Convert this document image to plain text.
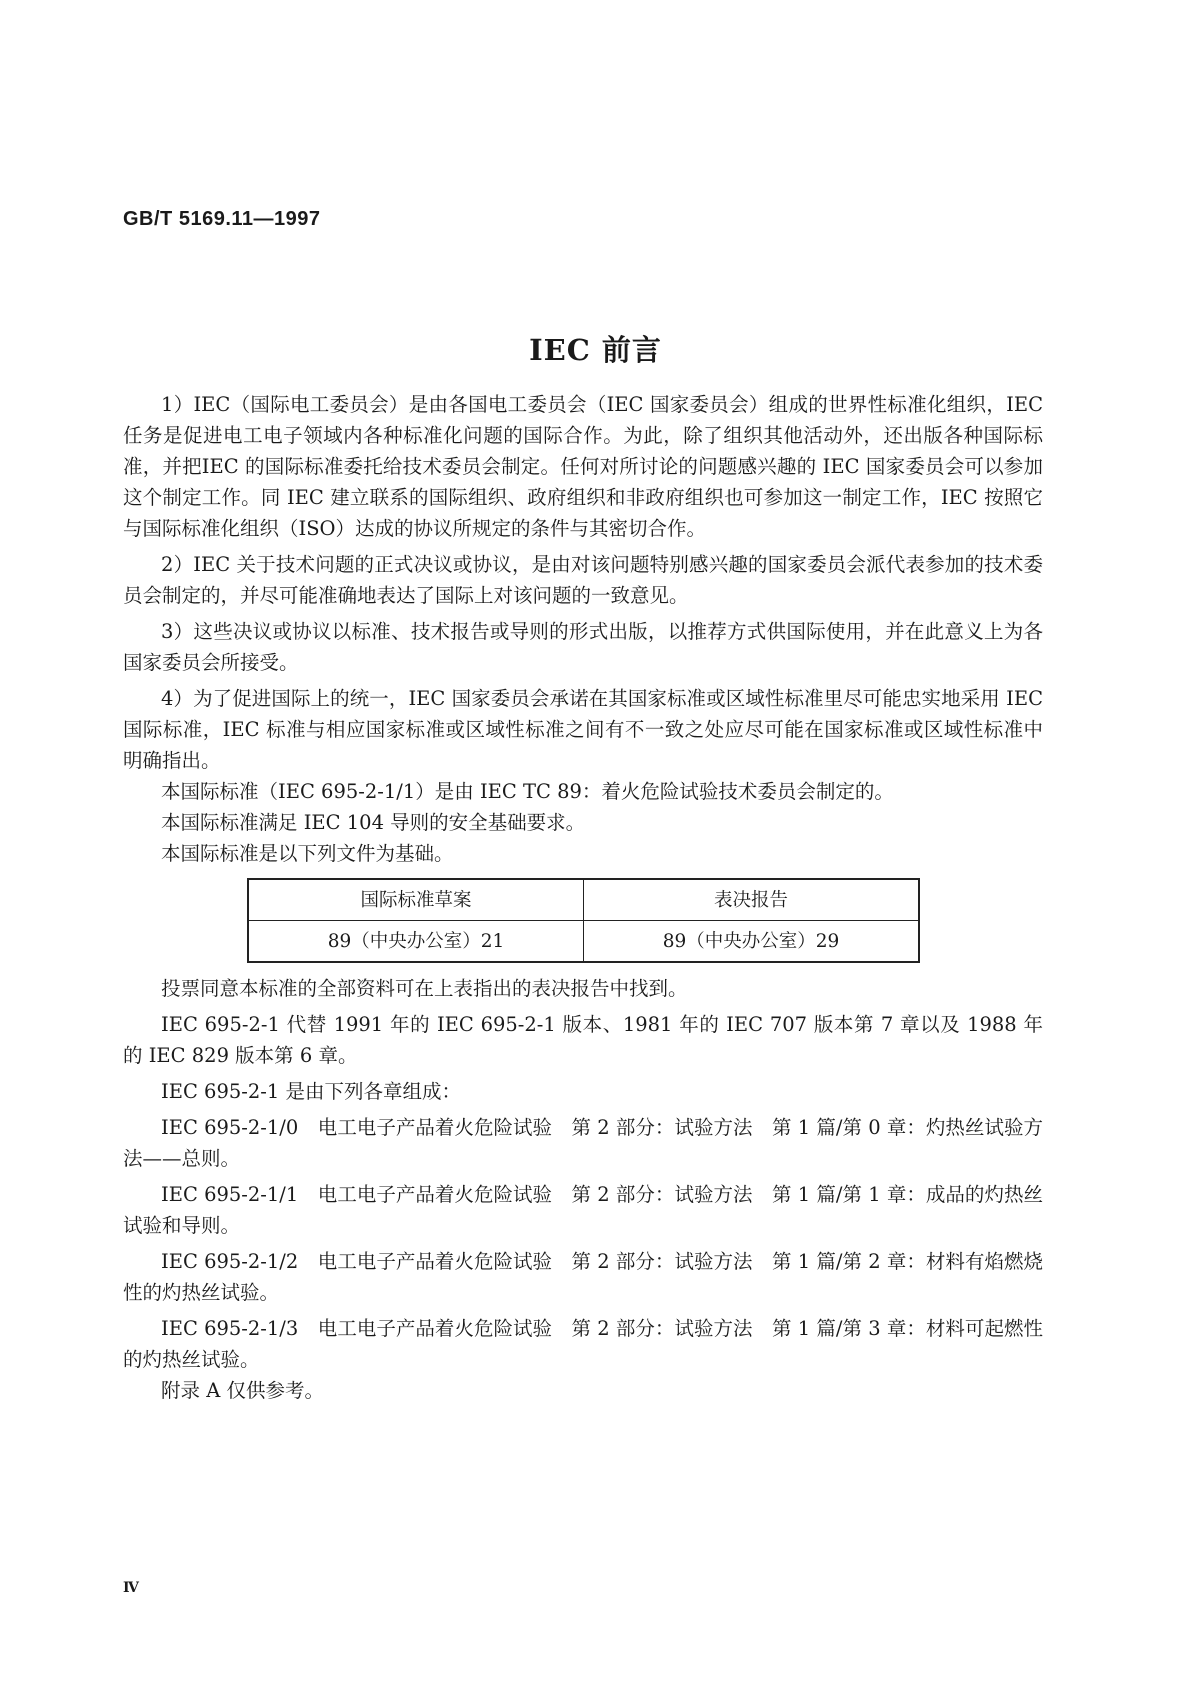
GB/T 5169.11—1997
IEC 前言

1）IEC（国际电工委员会）是由各国电工委员会（IEC 国家委员会）组成的世界性标准化组织，IEC 任务是促进电工电子领域内各种标准化问题的国际合作。为此，除了组织其他活动外，还出版各种国际标准，并把IEC 的国际标准委托给技术委员会制定。任何对所讨论的问题感兴趣的 IEC 国家委员会可以参加这个制定工作。同 IEC 建立联系的国际组织、政府组织和非政府组织也可参加这一制定工作，IEC 按照它与国际标准化组织（ISO）达成的协议所规定的条件与其密切合作。

2）IEC 关于技术问题的正式决议或协议，是由对该问题特别感兴趣的国家委员会派代表参加的技术委员会制定的，并尽可能准确地表达了国际上对该问题的一致意见。

3）这些决议或协议以标准、技术报告或导则的形式出版，以推荐方式供国际使用，并在此意义上为各国家委员会所接受。

4）为了促进国际上的统一，IEC 国家委员会承诺在其国家标准或区域性标准里尽可能忠实地采用 IEC 国际标准，IEC 标准与相应国家标准或区域性标准之间有不一致之处应尽可能在国家标准或区域性标准中明确指出。

本国际标准（IEC 695-2-1/1）是由 IEC TC 89：着火危险试验技术委员会制定的。

本国际标准满足 IEC 104 导则的安全基础要求。

本国际标准是以下列文件为基础。

国际标准草案	表决报告
89（中央办公室）21	89（中央办公室）29

投票同意本标准的全部资料可在上表指出的表决报告中找到。

IEC 695-2-1 代替 1991 年的 IEC 695-2-1 版本、1981 年的 IEC 707 版本第 7 章以及 1988 年的 IEC 829 版本第 6 章。

IEC 695-2-1 是由下列各章组成：

IEC 695-2-1/0　电工电子产品着火危险试验　第 2 部分：试验方法　第 1 篇/第 0 章：灼热丝试验方法——总则。

IEC 695-2-1/1　电工电子产品着火危险试验　第 2 部分：试验方法　第 1 篇/第 1 章：成品的灼热丝试验和导则。

IEC 695-2-1/2　电工电子产品着火危险试验　第 2 部分：试验方法　第 1 篇/第 2 章：材料有焰燃烧性的灼热丝试验。

IEC 695-2-1/3　电工电子产品着火危险试验　第 2 部分：试验方法　第 1 篇/第 3 章：材料可起燃性的灼热丝试验。

附录 A 仅供参考。

Ⅳ
